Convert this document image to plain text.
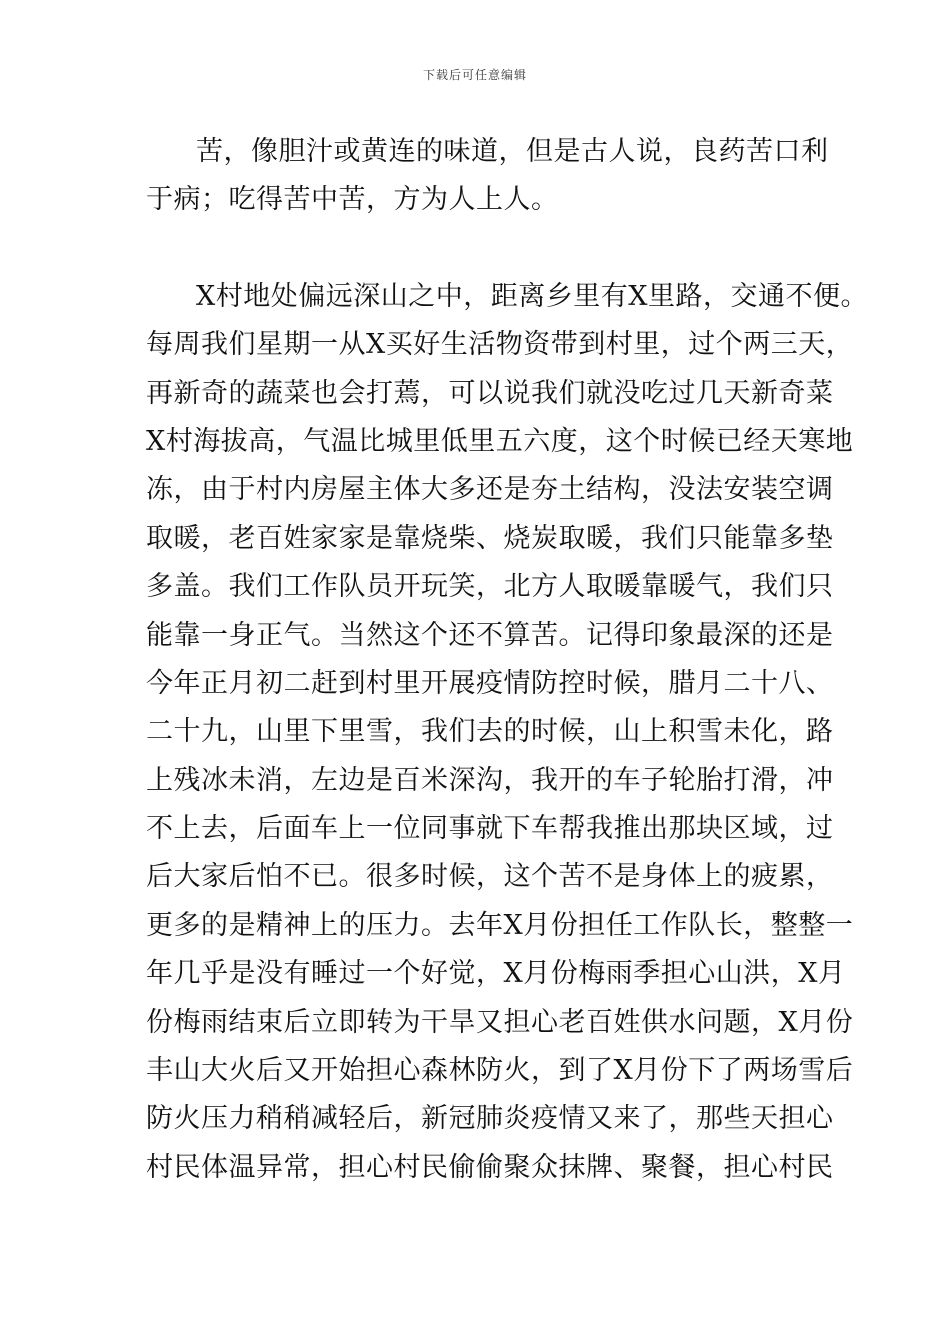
下载后可任意编辑
苦，像胆汁或黄连的味道，但是古人说，良药苦口利
于病；吃得苦中苦，方为人上人。
X村地处偏远深山之中，距离乡里有X里路，交通不便。
每周我们星期一从X买好生活物资带到村里，过个两三天，
再新奇的蔬菜也会打蔫，可以说我们就没吃过几天新奇菜
X村海拔高，气温比城里低里五六度，这个时候已经天寒地
冻，由于村内房屋主体大多还是夯土结构，没法安装空调
取暖，老百姓家家是靠烧柴、烧炭取暖，我们只能靠多垫
多盖。我们工作队员开玩笑，北方人取暖靠暖气，我们只
能靠一身正气。当然这个还不算苦。记得印象最深的还是
今年正月初二赶到村里开展疫情防控时候，腊月二十八、
二十九，山里下里雪，我们去的时候，山上积雪未化，路
上残冰未消，左边是百米深沟，我开的车子轮胎打滑，冲
不上去，后面车上一位同事就下车帮我推出那块区域，过
后大家后怕不已。很多时候，这个苦不是身体上的疲累，
更多的是精神上的压力。去年X月份担任工作队长，整整一
年几乎是没有睡过一个好觉，X月份梅雨季担心山洪，X月
份梅雨结束后立即转为干旱又担心老百姓供水问题，X月份
丰山大火后又开始担心森林防火，到了X月份下了两场雪后
防火压力稍稍减轻后，新冠肺炎疫情又来了，那些天担心
村民体温异常，担心村民偷偷聚众抹牌、聚餐，担心村民
